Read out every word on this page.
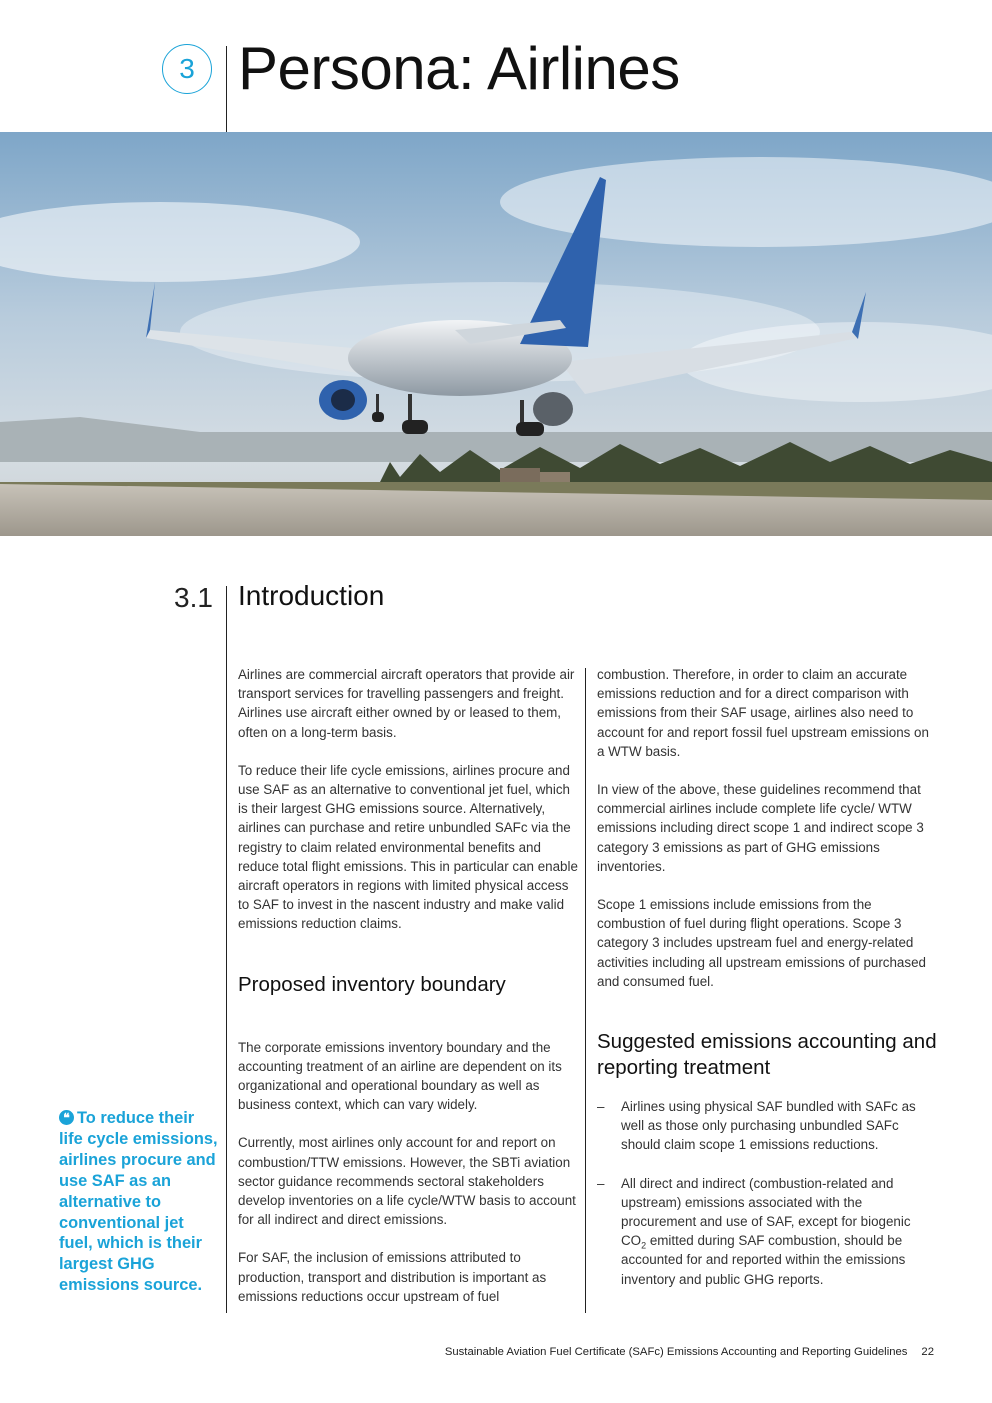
3 Persona: Airlines
3.1 Introduction

Airlines are commercial aircraft operators that provide air transport services for travelling passengers and freight. Airlines use aircraft either owned by or leased to them, often on a long-term basis.

To reduce their life cycle emissions, airlines procure and use SAF as an alternative to conventional jet fuel, which is their largest GHG emissions source. Alternatively, airlines can purchase and retire unbundled SAFc via the registry to claim related environmental benefits and reduce total flight emissions. This in particular can enable aircraft operators in regions with limited physical access to SAF to invest in the nascent industry and make valid emissions reduction claims.

Proposed inventory boundary

The corporate emissions inventory boundary and the accounting treatment of an airline are dependent on its organizational and operational boundary as well as business context, which can vary widely.

Currently, most airlines only account for and report on combustion/TTW emissions. However, the SBTi aviation sector guidance recommends sectoral stakeholders develop inventories on a life cycle/WTW basis to account for all indirect and direct emissions.

For SAF, the inclusion of emissions attributed to production, transport and distribution is important as emissions reductions occur upstream of fuel

combustion. Therefore, in order to claim an accurate emissions reduction and for a direct comparison with emissions from their SAF usage, airlines also need to account for and report fossil fuel upstream emissions on a WTW basis.

In view of the above, these guidelines recommend that commercial airlines include complete life cycle/ WTW emissions including direct scope 1 and indirect scope 3 category 3 emissions as part of GHG emissions inventories.

Scope 1 emissions include emissions from the combustion of fuel during flight operations. Scope 3 category 3 includes upstream fuel and energy-related activities including all upstream emissions of purchased and consumed fuel.

Suggested emissions accounting and reporting treatment
– Airlines using physical SAF bundled with SAFc as well as those only purchasing unbundled SAFc should claim scope 1 emissions reductions.
– All direct and indirect (combustion-related and upstream) emissions associated with the procurement and use of SAF, except for biogenic $CO_2$ emitted during SAF combustion, should be accounted for and reported within the emissions inventory and public GHG reports.
❝ To reduce their life cycle emissions, airlines procure and use SAF as an alternative to conventional jet fuel, which is their largest GHG emissions source.
Sustainable Aviation Fuel Certificate (SAFc) Emissions Accounting and Reporting Guidelines 22
